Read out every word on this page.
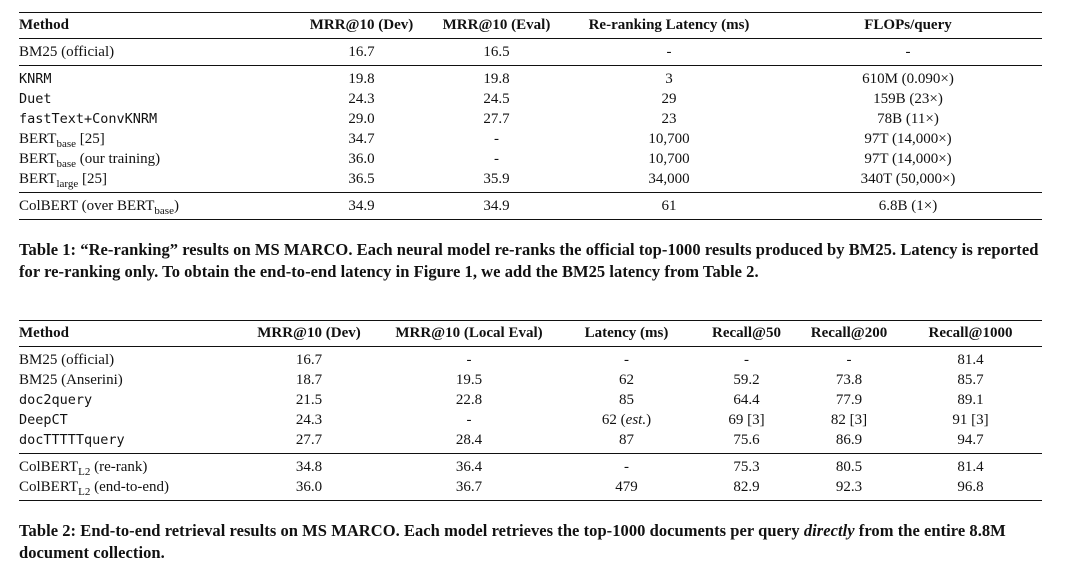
Method	MRR@10 (Dev)	MRR@10 (Eval)	Re-ranking Latency (ms)	FLOPs/query
BM25 (official)	16.7	16.5	-	-
KNRM	19.8	19.8	3	610M (0.090×)
Duet	24.3	24.5	29	159B (23×)
fastText+ConvKNRM	29.0	27.7	23	78B (11×)
$BERT_{base}$ [25]	34.7	-	10,700	97T (14,000×)
$BERT_{base}$ (our training)	36.0	-	10,700	97T (14,000×)
$BERT_{large}$ [25]	36.5	35.9	34,000	340T (50,000×)
ColBERT (over $BERT_{base}$)	34.9	34.9	61	6.8B (1×)

Table 1: “Re-ranking” results on MS MARCO. Each neural model re-ranks the official top-1000 results produced by BM25. Latency is reported for re-ranking only. To obtain the end-to-end latency in Figure 1, we add the BM25 latency from Table 2.

Method	MRR@10 (Dev)	MRR@10 (Local Eval)	Latency (ms)	Recall@50	Recall@200	Recall@1000
BM25 (official)	16.7	-	-	-	-	81.4
BM25 (Anserini)	18.7	19.5	62	59.2	73.8	85.7
doc2query	21.5	22.8	85	64.4	77.9	89.1
DeepCT	24.3	-	62 (est.)	69 [3]	82 [3]	91 [3]
docTTTTTquery	27.7	28.4	87	75.6	86.9	94.7
ColBERT$_{L2}$ (re-rank)	34.8	36.4	-	75.3	80.5	81.4
ColBERT$_{L2}$ (end-to-end)	36.0	36.7	479	82.9	92.3	96.8

Table 2: End-to-end retrieval results on MS MARCO. Each model retrieves the top-1000 documents per query directly from the entire 8.8M document collection.
